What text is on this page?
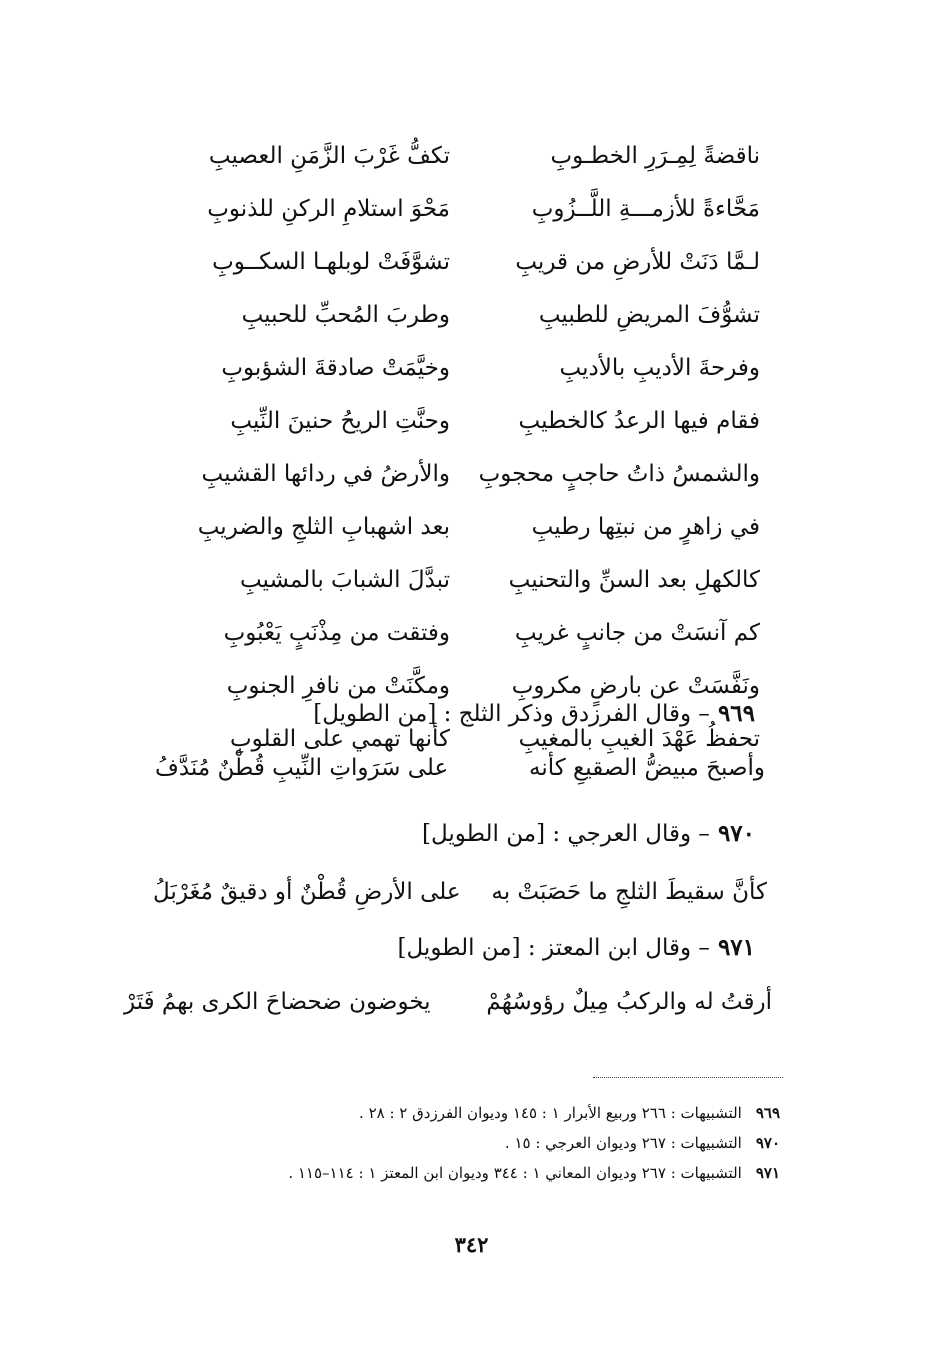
ناقضةً لِمِـرَرِ الخطـوبِ
تكفُّ غَرْبَ الزَّمَنِ العصيبِ
مَحَّاءةً للأزمـــةِ اللَّــزُوبِ
مَحْوَ استلامِ الركنِ للذنوبِ
لـمَّا دَنَتْ للأرضِ من قريبِ
تشوَّفَتْ لوبلهـا السكــوبِ
تشوُّفَ المريضِ للطبيبِ
وطربَ المُحبِّ للحبيبِ
وفرحةَ الأديبِ بالأديبِ
وخيَّمَتْ صادقةَ الشؤبوبِ
فقام فيها الرعدُ كالخطيبِ
وحنَّتِ الريحُ حنينَ النِّيبِ
والشمسُ ذاتُ حاجبٍ محجوبِ
والأرضُ في ردائها القشيبِ
في زاهرٍ من نبتِها رطيبِ
بعد اشهبابِ الثلجِ والضريبِ
كالكهلِ بعد السنِّ والتحنيبِ
تبدَّلَ الشبابَ بالمشيبِ
كم آنسَتْ من جانبٍ غريبِ
وفتقت من مِذْنَبٍ يَعْبُوبِ
ونَفَّسَتْ عن بارضٍ مكروبِ
ومكَّنَتْ من نافرِ الجنوبِ
تحفظُ عَهْدَ الغيبِ بالمغيبِ
كأنها تهمي على القلوبِ
٩٦٩– وقال الفرزدق وذكر الثلج : [من الطويل]
وأصبحَ مبيضُّ الصقيعِ كأنه
على سَرَواتِ النِّيبِ قُطْنٌ مُنَدَّفُ
٩٧٠– وقال العرجي : [من الطويل]
كأنَّ سقيطَ الثلجِ ما حَصَبَتْ به
على الأرضِ قُطْنٌ أو دقيقٌ مُغَرْبَلُ
٩٧١– وقال ابن المعتز : [من الطويل]
أرقتُ له والركبُ مِيلٌ رؤوسُهُمْ
يخوضون ضحضاحَ الكرى بهمُ فَتَرْ
٩٦٩التشبيهات : ٢٦٦ وربيع الأبرار ١ : ١٤٥ وديوان الفرزدق ٢ : ٢٨ .
٩٧٠التشبيهات : ٢٦٧ وديوان العرجي : ١٥ .
٩٧١التشبيهات : ٢٦٧ وديوان المعاني ١ : ٣٤٤ وديوان ابن المعتز ١ : ١١٤–١١٥ .
٣٤٢
